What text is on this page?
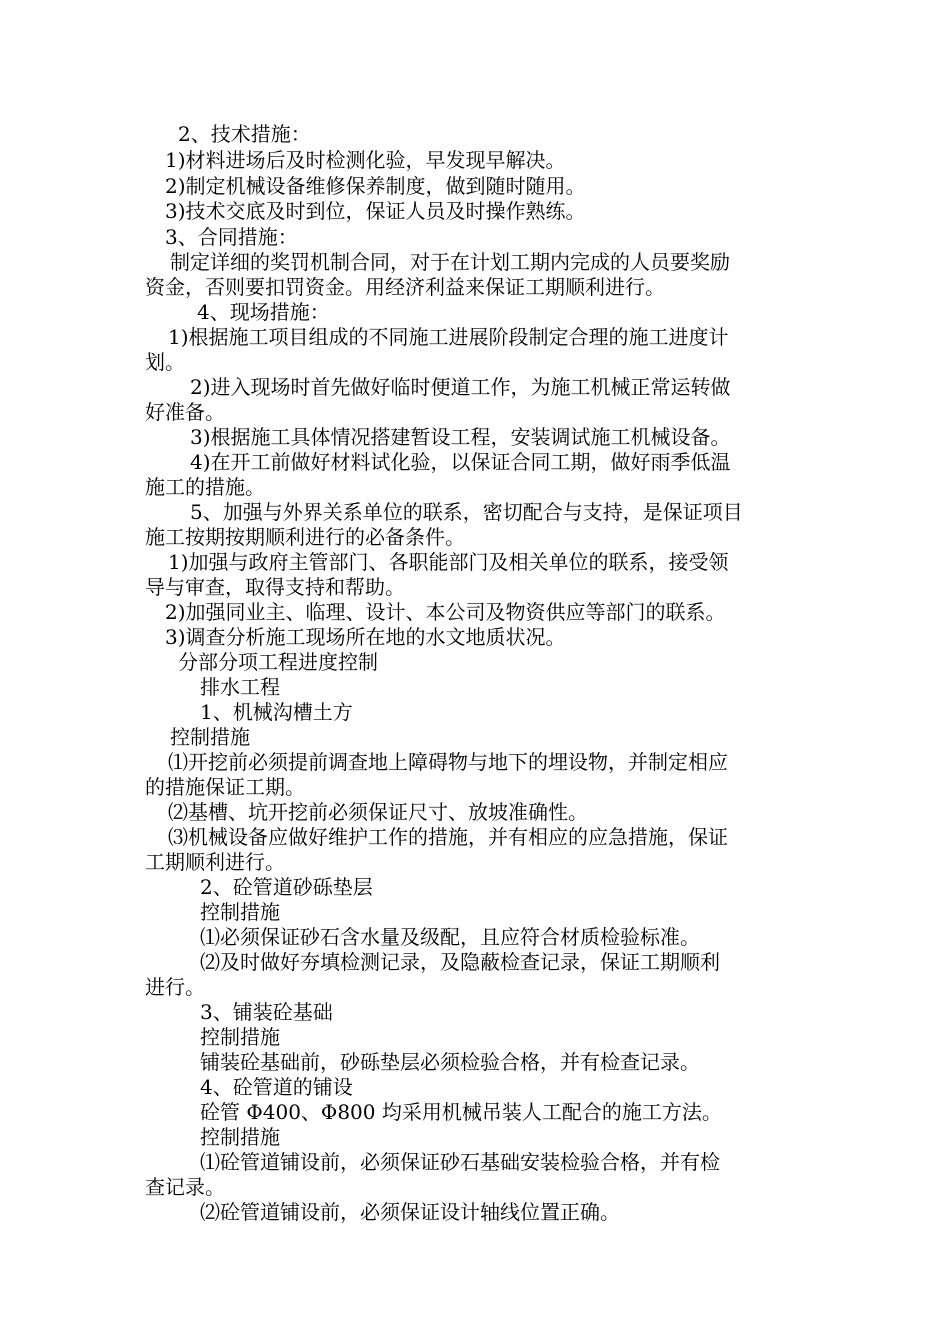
2、技术措施：
1)材料进场后及时检测化验，早发现早解决。
2)制定机械设备维修保养制度，做到随时随用。
3)技术交底及时到位，保证人员及时操作熟练。
3、合同措施：
制定详细的奖罚机制合同，对于在计划工期内完成的人员要奖励
资金，否则要扣罚资金。用经济利益来保证工期顺利进行。
4、现场措施：
1)根据施工项目组成的不同施工进展阶段制定合理的施工进度计
划。
2)进入现场时首先做好临时便道工作，为施工机械正常运转做
好准备。
3)根据施工具体情况搭建暂设工程，安装调试施工机械设备。
4)在开工前做好材料试化验，以保证合同工期，做好雨季低温
施工的措施。
5、加强与外界关系单位的联系，密切配合与支持，是保证项目
施工按期按期顺利进行的必备条件。
1)加强与政府主管部门、各职能部门及相关单位的联系，接受领
导与审查，取得支持和帮助。
2)加强同业主、临理、设计、本公司及物资供应等部门的联系。
3)调查分析施工现场所在地的水文地质状况。
分部分项工程进度控制
排水工程
1、机械沟槽土方
控制措施
⑴开挖前必须提前调查地上障碍物与地下的埋设物，并制定相应
的措施保证工期。
⑵基槽、坑开挖前必须保证尺寸、放坡准确性。
⑶机械设备应做好维护工作的措施，并有相应的应急措施，保证
工期顺利进行。
2、砼管道砂砾垫层
控制措施
⑴必须保证砂石含水量及级配，且应符合材质检验标准。
⑵及时做好夯填检测记录，及隐蔽检查记录，保证工期顺利
进行。
3、铺装砼基础
控制措施
铺装砼基础前，砂砾垫层必须检验合格，并有检查记录。
4、砼管道的铺设
砼管 Φ400、Φ800 均采用机械吊装人工配合的施工方法。
控制措施
⑴砼管道铺设前，必须保证砂石基础安装检验合格，并有检
查记录。
⑵砼管道铺设前，必须保证设计轴线位置正确。
